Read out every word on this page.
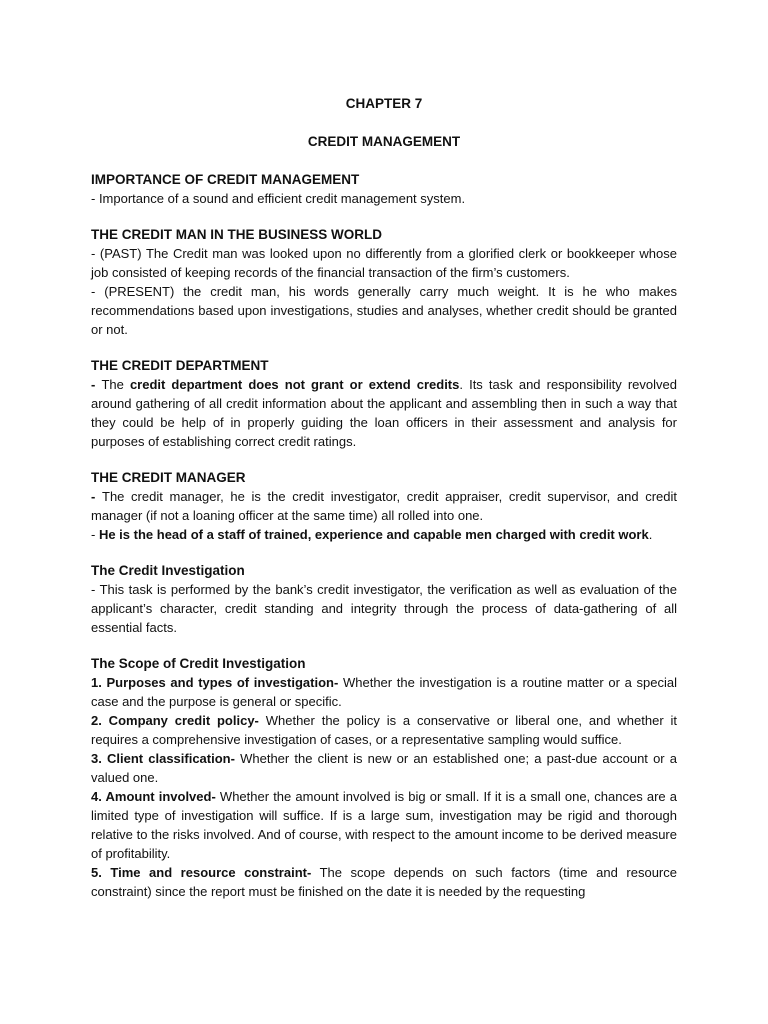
CHAPTER 7
CREDIT MANAGEMENT
IMPORTANCE OF CREDIT MANAGEMENT

- Importance of a sound and efficient credit management system.

THE CREDIT MAN IN THE BUSINESS WORLD

- (PAST) The Credit man was looked upon no differently from a glorified clerk or bookkeeper whose job consisted of keeping records of the financial transaction of the firm’s customers.

- (PRESENT) the credit man, his words generally carry much weight. It is he who makes recommendations based upon investigations, studies and analyses, whether credit should be granted or not.

THE CREDIT DEPARTMENT

- The credit department does not grant or extend credits. Its task and responsibility revolved around gathering of all credit information about the applicant and assembling then in such a way that they could be help of in properly guiding the loan officers in their assessment and analysis for purposes of establishing correct credit ratings.

THE CREDIT MANAGER

- The credit manager, he is the credit investigator, credit appraiser, credit supervisor, and credit manager (if not a loaning officer at the same time) all rolled into one.

- He is the head of a staff of trained, experience and capable men charged with credit work.

The Credit Investigation

- This task is performed by the bank’s credit investigator, the verification as well as evaluation of the applicant’s character, credit standing and integrity through the process of data-gathering of all essential facts.

The Scope of Credit Investigation

1. Purposes and types of investigation- Whether the investigation is a routine matter or a special case and the purpose is general or specific.

2. Company credit policy- Whether the policy is a conservative or liberal one, and whether it requires a comprehensive investigation of cases, or a representative sampling would suffice.

3. Client classification- Whether the client is new or an established one; a past-due account or a valued one.

4. Amount involved- Whether the amount involved is big or small. If it is a small one, chances are a limited type of investigation will suffice. If is a large sum, investigation may be rigid and thorough relative to the risks involved. And of course, with respect to the amount income to be derived measure of profitability.

5. Time and resource constraint- The scope depends on such factors (time and resource constraint) since the report must be finished on the date it is needed by the requesting
